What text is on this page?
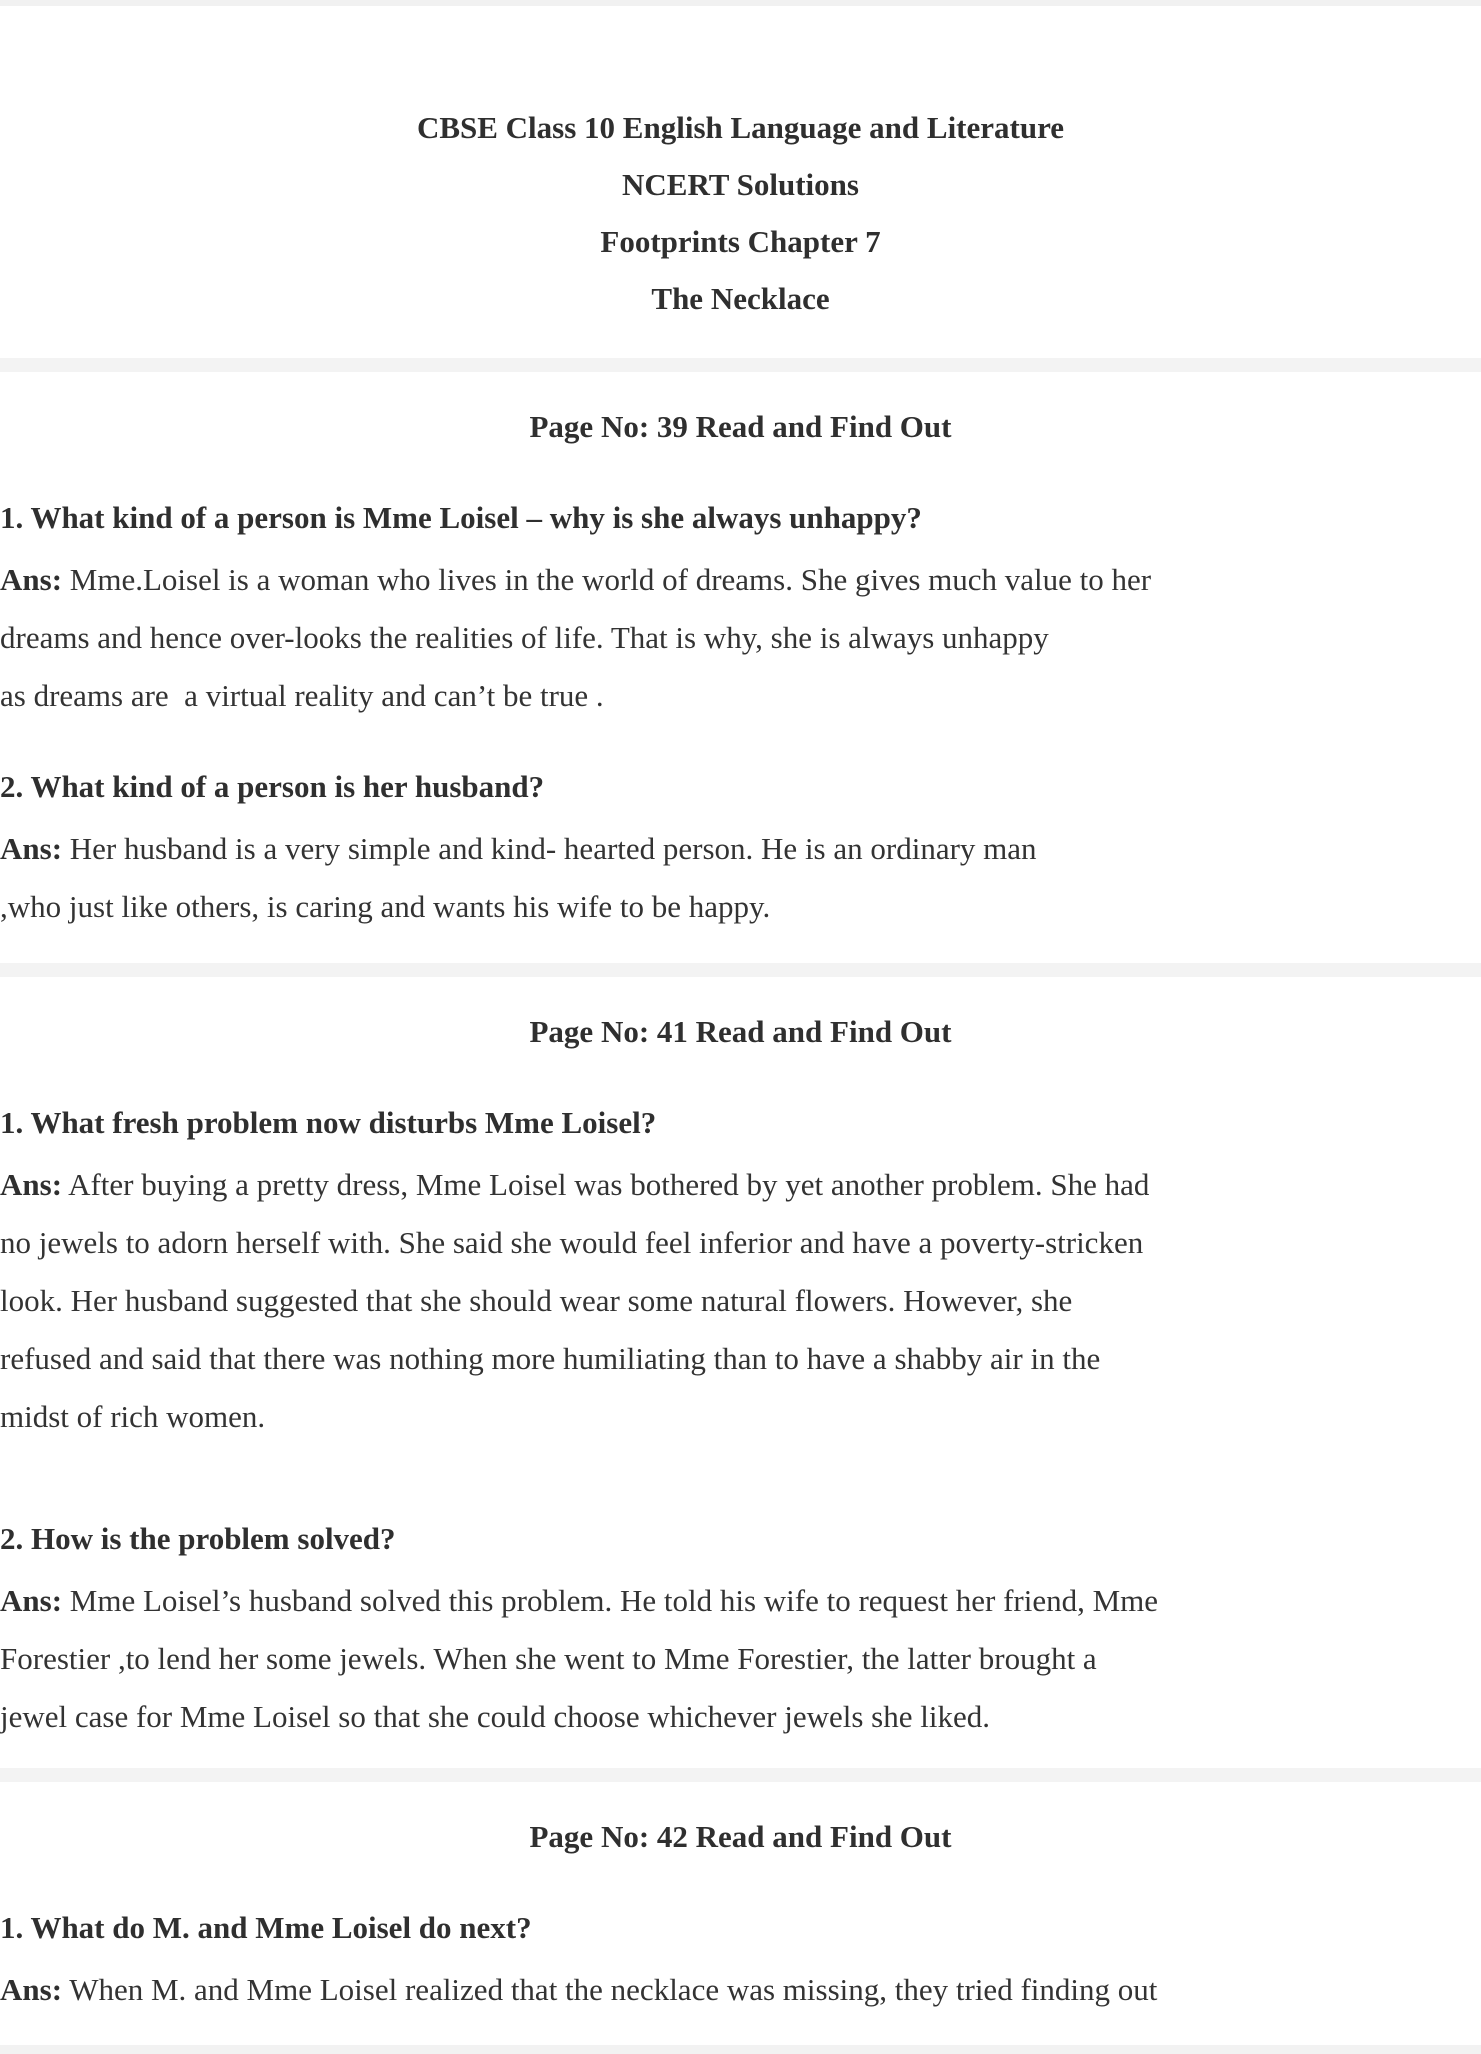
CBSE Class 10 English Language and Literature
NCERT Solutions
Footprints Chapter 7
The Necklace
Page No: 39 Read and Find Out
1. What kind of a person is Mme Loisel – why is she always unhappy?

Ans: Mme.Loisel is a woman who lives in the world of dreams. She gives much value to her
dreams and hence over-looks the realities of life. That is why, she is always unhappy
as dreams are  a virtual reality and can’t be true .

2. What kind of a person is her husband?

Ans: Her husband is a very simple and kind- hearted person. He is an ordinary man
,who just like others, is caring and wants his wife to be happy.

Page No: 41 Read and Find Out
1. What fresh problem now disturbs Mme Loisel?

Ans: After buying a pretty dress, Mme Loisel was bothered by yet another problem. She had
no jewels to adorn herself with. She said she would feel inferior and have a poverty-stricken
look. Her husband suggested that she should wear some natural flowers. However, she
refused and said that there was nothing more humiliating than to have a shabby air in the
midst of rich women.

2. How is the problem solved?

Ans: Mme Loisel’s husband solved this problem. He told his wife to request her friend, Mme
Forestier ,to lend her some jewels. When she went to Mme Forestier, the latter brought a
jewel case for Mme Loisel so that she could choose whichever jewels she liked.

Page No: 42 Read and Find Out
1. What do M. and Mme Loisel do next?

Ans: When M. and Mme Loisel realized that the necklace was missing, they tried finding out
